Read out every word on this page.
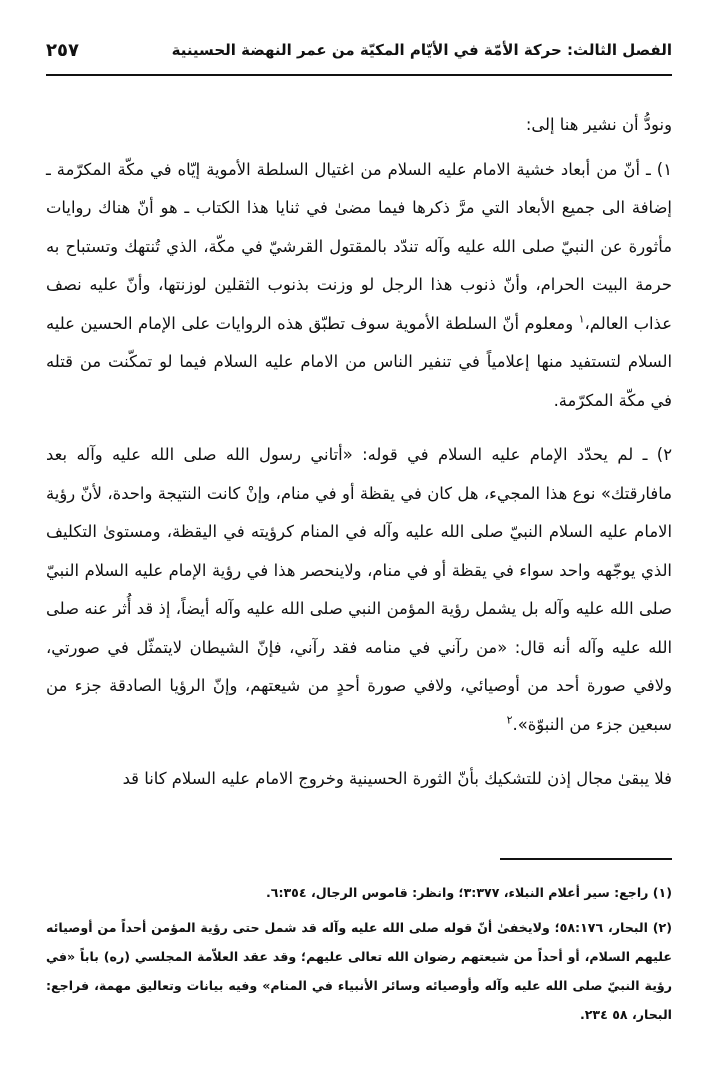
الفصل الثالث: حركة الأمّة في الأيّام المكيّة من عمر النهضة الحسينية
٢٥٧

ونودُّ أن نشير هنا إلى:

١) ـ أنّ من أبعاد خشية الامام عليه السلام من اغتيال السلطة الأموية إيّاه في مكّة المكرّمة ـ إضافة الى جميع الأبعاد التي مرَّ ذكرها فيما مضىٰ في ثنايا هذا الكتاب ـ هو أنّ هناك روايات مأثورة عن النبيّ صلى الله عليه وآله تندّد بالمقتول القرشيّ في مكّة، الذي تُنتهك وتستباح به حرمة البيت الحرام، وأنّ ذنوب هذا الرجل لو وزنت بذنوب الثقلين لوزنتها، وأنّ عليه نصف عذاب العالم،$^١$ ومعلوم أنّ السلطة الأموية سوف تطبّق هذه الروايات على الإمام الحسين عليه السلام لتستفيد منها إعلامياً في تنفير الناس من الامام عليه السلام فيما لو تمكّنت من قتله في مكّة المكرّمة.

٢) ـ لم يحدّد الإمام عليه السلام في قوله: «أتاني رسول الله صلى الله عليه وآله بعد مافارقتك» نوع هذا المجيء، هل كان في يقظة أو في منام، وإنْ كانت النتيجة واحدة، لأنّ رؤية الامام عليه السلام النبيّ صلى الله عليه وآله في المنام كرؤيته في اليقظة، ومستوىٰ التكليف الذي يوجّهه واحد سواء في يقظة أو في منام، ولاينحصر هذا في رؤية الإمام عليه السلام النبيّ صلى الله عليه وآله بل يشمل رؤية المؤمن النبي صلى الله عليه وآله أيضاً، إذ قد أُثر عنه صلى الله عليه وآله أنه قال: «من رآني في منامه فقد رآني، فإنّ الشيطان لايتمثّل في صورتي، ولافي صورة أحد من أوصيائي، ولافي صورة أحدٍ من شيعتهم، وإنّ الرؤيا الصادقة جزء من سبعين جزء من النبوّة».$^٢$

فلا يبقىٰ مجال إذن للتشكيك بأنّ الثورة الحسينية وخروج الامام عليه السلام كانا قد

(١) راجع: سير أعلام النبلاء، ٣:٣٧٧؛ وانظر: قاموس الرجال، ٦:٣٥٤.

(٢) البحار، ٥٨:١٧٦؛ ولايخفىٰ أنّ قوله صلى الله عليه وآله قد شمل حتى رؤية المؤمن أحداً من أوصيائه عليهم السلام، أو أحداً من شيعتهم رضوان الله تعالى عليهم؛ وقد عقد العلاّمة المجلسي (ره) باباً «في رؤية النبيّ صلى الله عليه وآله وأوصيائه وسائر الأنبياء في المنام» وفيه بيانات وتعاليق مهمة، فراجع: البحار، ٥٨ ٢٣٤.
